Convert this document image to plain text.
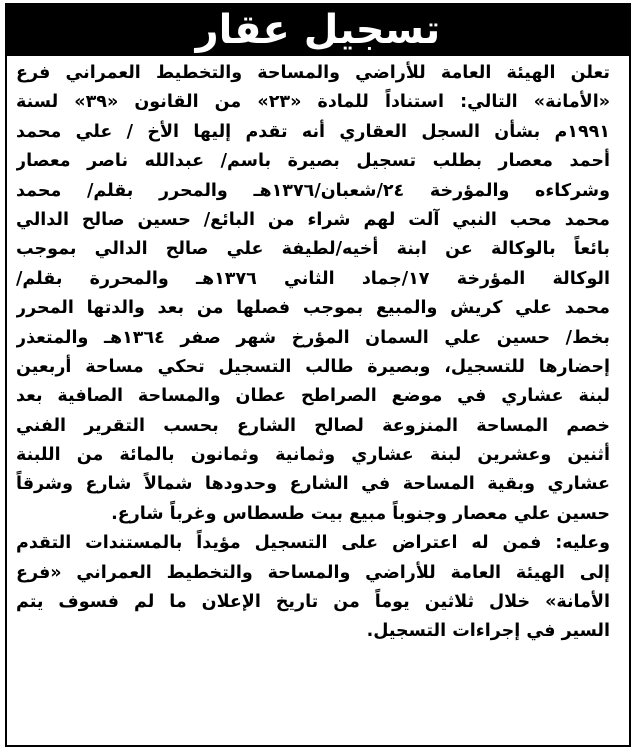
تسجيل عقار
تعلن الهيئة العامة للأراضي والمساحة والتخطيط العمراني فرع
«الأمانة» التالي: استناداً للمادة «٢٣» من القانون «٣٩» لسنة
١٩٩١م بشأن السجل العقاري أنه تقدم إليها الأخ / علي محمد
أحمد معصار بطلب تسجيل بصيرة باسم/ عبدالله ناصر معصار
وشركاءه والمؤرخة ٢٤/شعبان/١٣٧٦هـ والمحرر بقلم/ محمد
محمد محب النبي آلت لهم شراء من البائع/ حسين صالح الدالي
بائعاً بالوكالة عن ابنة أخيه/لطيفة علي صالح الدالي بموجب
الوكالة المؤرخة ١٧/جماد الثاني ١٣٧٦هـ والمحررة بقلم/
محمد علي كريش والمبيع بموجب فصلها من بعد والدتها المحرر
بخط/ حسين علي السمان المؤرخ شهر صفر ١٣٦٤هـ والمتعذر
إحضارها للتسجيل، وبصيرة طالب التسجيل تحكي مساحة أربعين
لبنة عشاري في موضع الصراطح عطان والمساحة الصافية بعد
خصم المساحة المنزوعة لصالح الشارع بحسب التقرير الفني
أثنين وعشرين لبنة عشاري وثمانية وثمانون بالمائة من اللبنة
عشاري وبقية المساحة في الشارع وحدودها شمالاً شارع وشرقاً
حسين علي معصار وجنوباً مبيع بيت طسطاس وغرباً شارع.
وعليه: فمن له اعتراض على التسجيل مؤيداً بالمستندات التقدم
إلى الهيئة العامة للأراضي والمساحة والتخطيط العمراني «فرع
الأمانة» خلال ثلاثين يوماً من تاريخ الإعلان ما لم فسوف يتم
السير في إجراءات التسجيل.
